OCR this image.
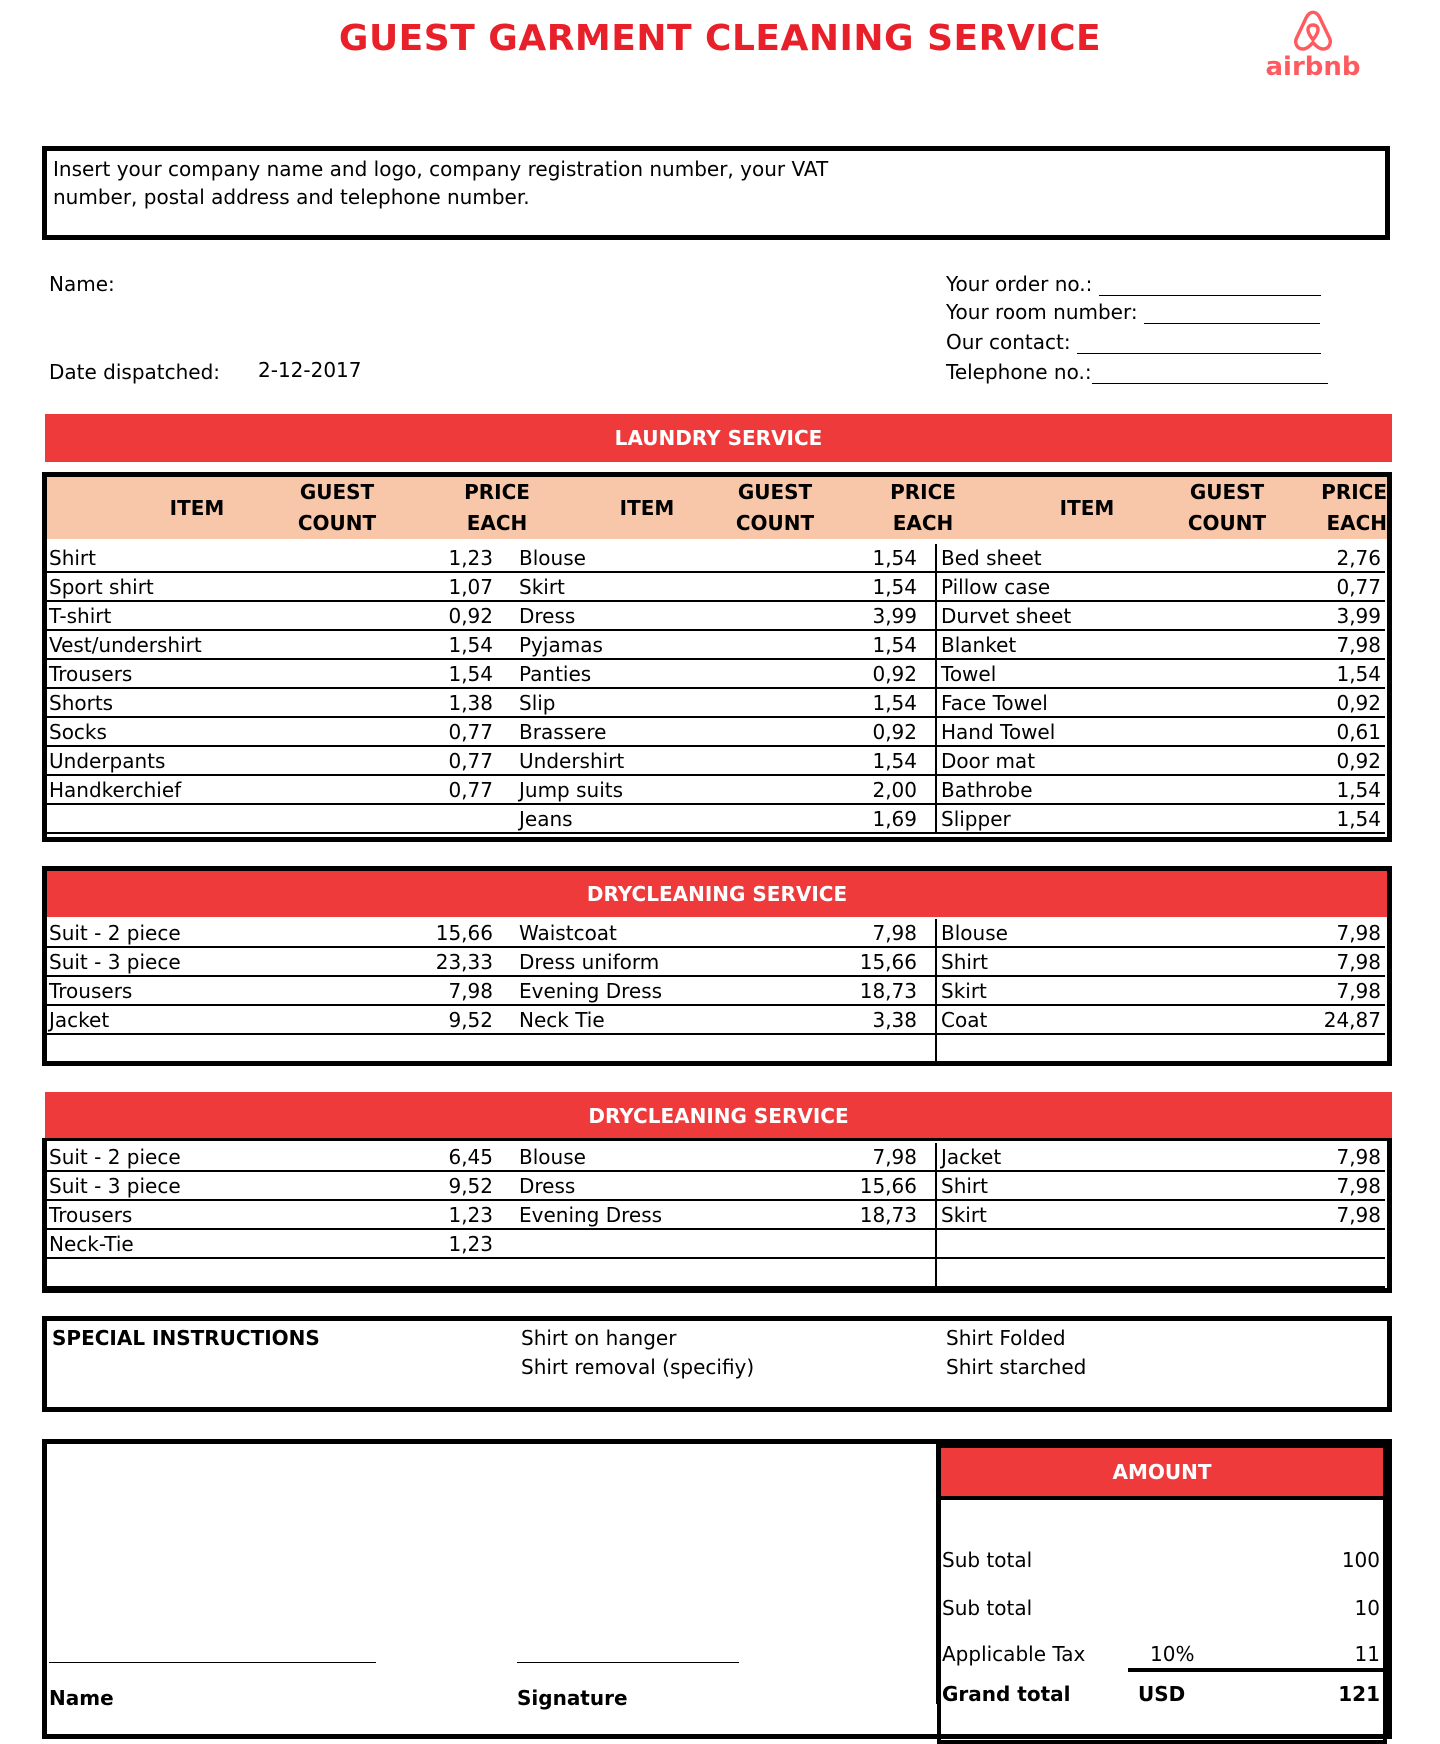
GUEST GARMENT CLEANING SERVICE
airbnb
Insert your company name and logo, company registration number, your VAT
number, postal address and telephone number.
Name:
Date dispatched: 2-12-2017
Your order no.:
Your room number:
Our contact:
Telephone no.:
LAUNDRY SERVICE
ITEM
GUEST
COUNT
PRICE
EACH
ITEM
GUEST
COUNT
PRICE
EACH
ITEM
GUEST
COUNT
PRICE
EACH
Shirt	1,23 Blouse	1,54 Bed sheet	2,76
Sport shirt	1,07 Skirt	1,54 Pillow case	0,77
T-shirt	0,92 Dress	3,99 Durvet sheet	3,99
Vest/undershirt	1,54 Pyjamas	1,54 Blanket	7,98
Trousers	1,54 Panties	0,92 Towel	1,54
Shorts	1,38 Slip	1,54 Face Towel	0,92
Socks	0,77 Brassere	0,92 Hand Towel	0,61
Underpants	0,77 Undershirt	1,54 Door mat	0,92
Handkerchief	0,77 Jump suits	2,00 Bathrobe	1,54
Jeans	1,69 Slipper	1,54
DRYCLEANING SERVICE
Suit - 2 piece	15,66 Waistcoat	7,98 Blouse	7,98
Suit - 3 piece	23,33 Dress uniform	15,66 Shirt	7,98
Trousers	7,98 Evening Dress	18,73 Skirt	7,98
Jacket	9,52 Neck Tie	3,38 Coat	24,87
DRYCLEANING SERVICE
Suit - 2 piece	6,45 Blouse	7,98 Jacket	7,98
Suit - 3 piece	9,52 Dress	15,66 Shirt	7,98
Trousers	1,23 Evening Dress	18,73 Skirt	7,98
Neck-Tie	1,23
SPECIAL INSTRUCTIONS	Shirt on hanger
Shirt removal (specifiy)
Shirt Folded
Shirt starched
Name	Signature
AMOUNT
Sub total	100
Sub total	10
Applicable Tax	10%	11
Grand total	USD	121
